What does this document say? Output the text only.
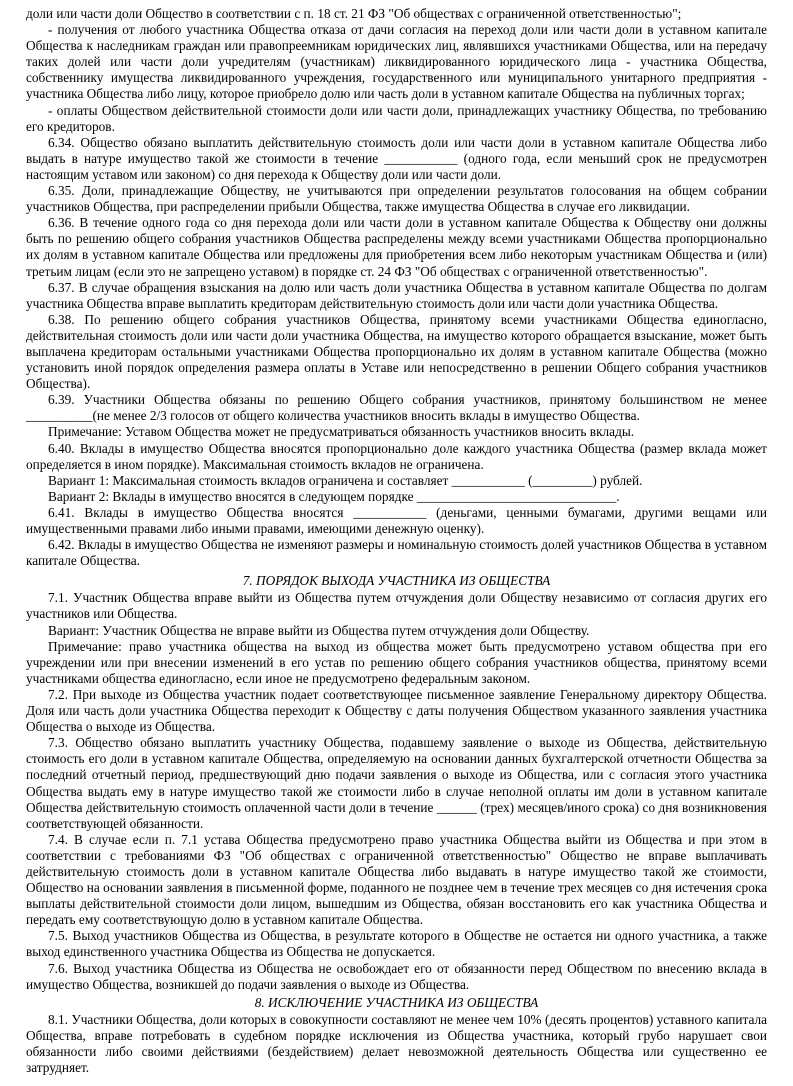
доли или части доли Общество в соответствии с п. 18 ст. 21 ФЗ "Об обществах с ограниченной ответственностью";

- получения от любого участника Общества отказа от дачи согласия на переход доли или части доли в уставном капитале Общества к наследникам граждан или правопреемникам юридических лиц, являвшихся участниками Общества, или на передачу таких долей или части доли учредителям (участникам) ликвидированного юридического лица - участника Общества, собственнику имущества ликвидированного учреждения, государственного или муниципального унитарного предприятия - участника Общества либо лицу, которое приобрело долю или часть доли в уставном капитале Общества на публичных торгах;

- оплаты Обществом действительной стоимости доли или части доли, принадлежащих участнику Общества, по требованию его кредиторов.

6.34. Общество обязано выплатить действительную стоимость доли или части доли в уставном капитале Общества либо выдать в натуре имущество такой же стоимости в течение ___________ (одного года, если меньший срок не предусмотрен настоящим уставом или законом) со дня перехода к Обществу доли или части доли.

6.35. Доли, принадлежащие Обществу, не учитываются при определении результатов голосования на общем собрании участников Общества, при распределении прибыли Общества, также имущества Общества в случае его ликвидации.

6.36. В течение одного года со дня перехода доли или части доли в уставном капитале Общества к Обществу они должны быть по решению общего собрания участников Общества распределены между всеми участниками Общества пропорционально их долям в уставном капитале Общества или предложены для приобретения всем либо некоторым участникам Общества и (или) третьим лицам (если это не запрещено уставом) в порядке ст. 24 ФЗ "Об обществах с ограниченной ответственностью".

6.37. В случае обращения взыскания на долю или часть доли участника Общества в уставном капитале Общества по долгам участника Общества вправе выплатить кредиторам действительную стоимость доли или части доли участника Общества.

6.38. По решению общего собрания участников Общества, принятому всеми участниками Общества единогласно, действительная стоимость доли или части доли участника Общества, на имущество которого обращается взыскание, может быть выплачена кредиторам остальными участниками Общества пропорционально их долям в уставном капитале Общества (можно установить иной порядок определения размера оплаты в Уставе или непосредственно в решении Общего собрания участников Общества).

6.39. Участники Общества обязаны по решению Общего собрания участников, принятому большинством не менее __________(не менее 2/3 голосов от общего количества участников вносить вклады в имущество Общества.

Примечание: Уставом Общества может не предусматриваться обязанность участников вносить вклады.

6.40. Вклады в имущество Общества вносятся пропорционально доле каждого участника Общества (размер вклада может определяется в ином порядке). Максимальная стоимость вкладов не ограничена.

Вариант 1: Максимальная стоимость вкладов ограничена и составляет ___________ (_________) рублей.

Вариант 2: Вклады в имущество вносятся в следующем порядке ______________________________.

6.41. Вклады в имущество Общества вносятся ___________ (деньгами, ценными бумагами, другими вещами или имущественными правами либо иными правами, имеющими денежную оценку).

6.42. Вклады в имущество Общества не изменяют размеры и номинальную стоимость долей участников Общества в уставном капитале Общества.

7. ПОРЯДОК ВЫХОДА УЧАСТНИКА ИЗ ОБЩЕСТВА

7.1. Участник Общества вправе выйти из Общества путем отчуждения доли Обществу независимо от согласия других его участников или Общества.

Вариант: Участник Общества не вправе выйти из Общества путем отчуждения доли Обществу.

Примечание: право участника общества на выход из общества может быть предусмотрено уставом общества при его учреждении или при внесении изменений в его устав по решению общего собрания участников общества, принятому всеми участниками общества единогласно, если иное не предусмотрено федеральным законом.

7.2. При выходе из Общества участник подает соответствующее письменное заявление Генеральному директору Общества. Доля или часть доли участника Общества переходит к Обществу с даты получения Обществом указанного заявления участника Общества о выходе из Общества.

7.3. Общество обязано выплатить участнику Общества, подавшему заявление о выходе из Общества, действительную стоимость его доли в уставном капитале Общества, определяемую на основании данных бухгалтерской отчетности Общества за последний отчетный период, предшествующий дню подачи заявления о выходе из Общества, или с согласия этого участника Общества выдать ему в натуре имущество такой же стоимости либо в случае неполной оплаты им доли в уставном капитале Общества действительную стоимость оплаченной части доли в течение ______ (трех) месяцев/иного срока) со дня возникновения соответствующей обязанности.

7.4. В случае если п. 7.1 устава Общества предусмотрено право участника Общества выйти из Общества и при этом в соответствии с требованиями ФЗ "Об обществах с ограниченной ответственностью" Общество не вправе выплачивать действительную стоимость доли в уставном капитале Общества либо выдавать в натуре имущество такой же стоимости, Общество на основании заявления в письменной форме, поданного не позднее чем в течение трех месяцев со дня истечения срока выплаты действительной стоимости доли лицом, вышедшим из Общества, обязан восстановить его как участника Общества и передать ему соответствующую долю в уставном капитале Общества.

7.5. Выход участников Общества из Общества, в результате которого в Обществе не остается ни одного участника, а также выход единственного участника Общества из Общества не допускается.

7.6. Выход участника Общества из Общества не освобождает его от обязанности перед Обществом по внесению вклада в имущество Общества, возникшей до подачи заявления о выходе из Общества.

8. ИСКЛЮЧЕНИЕ УЧАСТНИКА ИЗ ОБЩЕСТВА

8.1. Участники Общества, доли которых в совокупности составляют не менее чем 10% (десять процентов) уставного капитала Общества, вправе потребовать в судебном порядке исключения из Общества участника, который грубо нарушает свои обязанности либо своими действиями (бездействием) делает невозможной деятельность Общества или существенно ее затрудняет.
